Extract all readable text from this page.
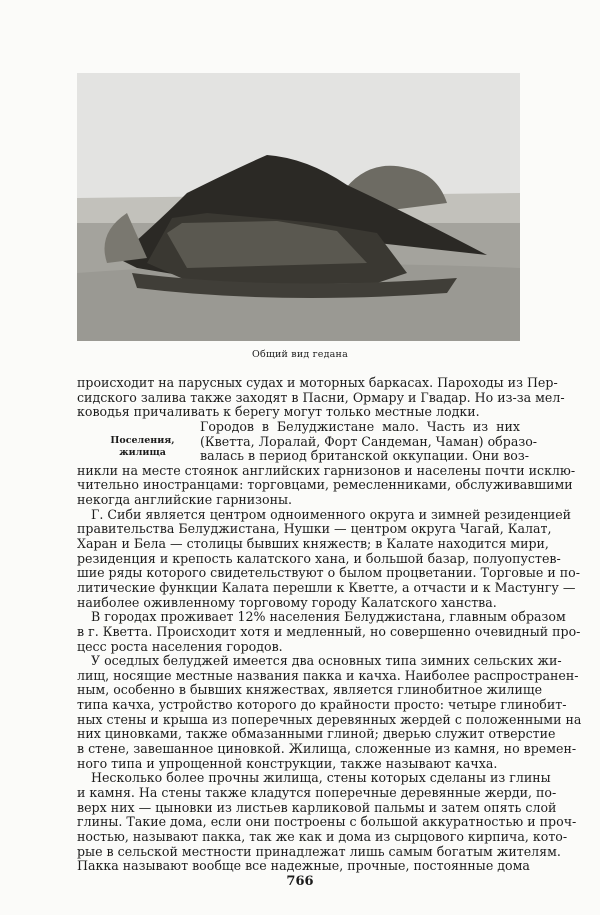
Общий вид гедана
Поселения,
жилища
происходит на парусных судах и моторных баркасах. Пароходы из Пер-
сидского залива также заходят в Пасни, Ормару и Гвадар. Но из-за мел-
ководья причаливать к берегу могут только местные лодки.
Городов в Белуджистане мало. Часть из них
(Кветта, Лоралай, Форт Сандеман, Чаман) образо-
валась в период британской оккупации. Они воз-
никли на месте стоянок английских гарнизонов и населены почти исклю-
чительно иностранцами: торговцами, ремесленниками, обслуживавшими
некогда английские гарнизоны.
Г. Сиби является центром одноименного округа и зимней резиденцией
правительства Белуджистана, Нушки — центром округа Чагай, Калат,
Харан и Бела — столицы бывших княжеств; в Калате находится мири,
резиденция и крепость калатского хана, и большой базар, полуопустев-
шие ряды которого свидетельствуют о былом процветании. Торговые и по-
литические функции Калата перешли к Кветте, а отчасти и к Мастунгу —
наиболее оживленному торговому городу Калатского ханства.
В городах проживает 12% населения Белуджистана, главным образом
в г. Кветта. Происходит хотя и медленный, но совершенно очевидный про-
цесс роста населения городов.
У оседлых белуджей имеется два основных типа зимних сельских жи-
лищ, носящие местные названия пакка и качха. Наиболее распространен-
ным, особенно в бывших княжествах, является глинобитное жилище
типа качха, устройство которого до крайности просто: четыре глинобит-
ных стены и крыша из поперечных деревянных жердей с положенными на
них циновками, также обмазанными глиной; дверью служит отверстие
в стене, завешанное циновкой. Жилища, сложенные из камня, но времен-
ного типа и упрощенной конструкции, также называют качха.
Несколько более прочны жилища, стены которых сделаны из глины
и камня. На стены также кладутся поперечные деревянные жерди, по-
верх них — цыновки из листьев карликовой пальмы и затем опять слой
глины. Такие дома, если они построены с большой аккуратностью и проч-
ностью, называют пакка, так же как и дома из сырцового кирпича, кото-
рые в сельской местности принадлежат лишь самым богатым жителям.
Пакка называют вообще все надежные, прочные, постоянные дома
766
